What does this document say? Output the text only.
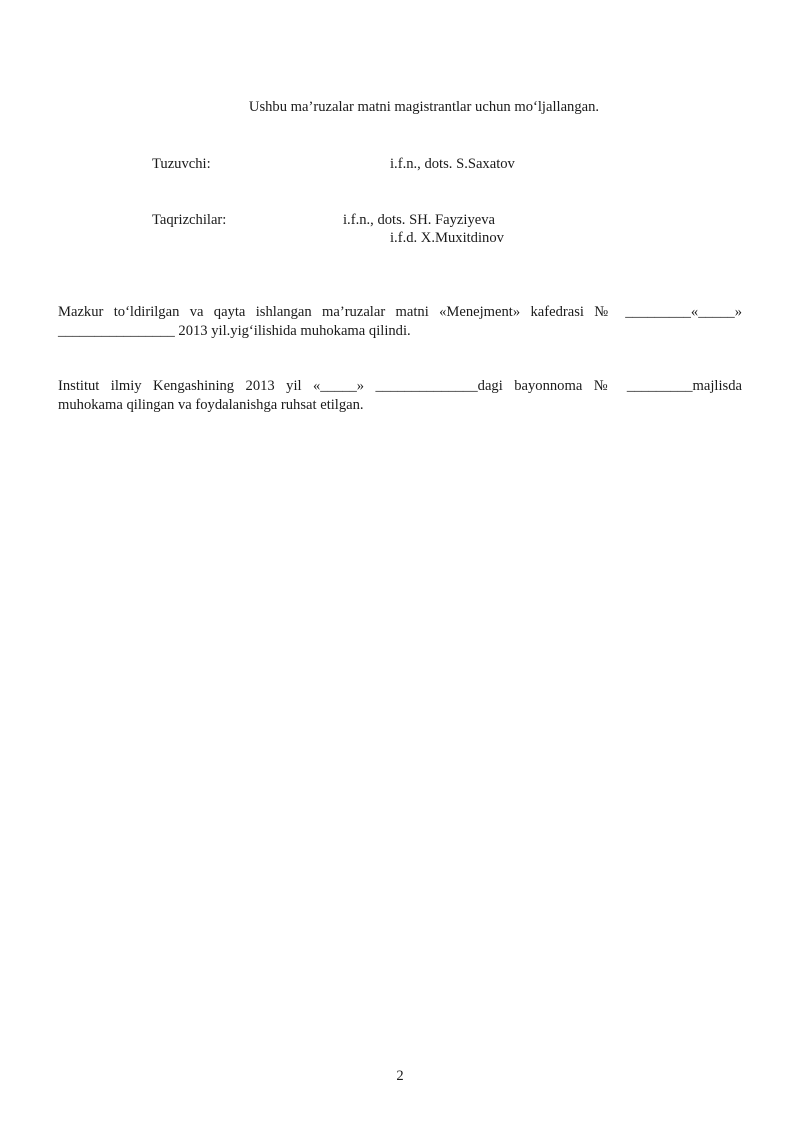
Ushbu ma’ruzalar matni magistrantlar uchun mo‘ljallangan.
Tuzuvchi:	i.f.n., dots. S.Saxatov
Taqrizchilar:	i.f.n., dots. SH. Fayziyeva
i.f.d. X.Muxitdinov
Mazkur to‘ldirilgan va qayta ishlangan ma’ruzalar matni «Menejment» kafedrasi № _________«_____»
________________ 2013 yil.yig‘ilishida muhokama qilindi.
Institut ilmiy Kengashining 2013 yil «_____» ______________dagi bayonnoma № _________majlisda
muhokama qilingan va foydalanishga ruhsat etilgan.
2
